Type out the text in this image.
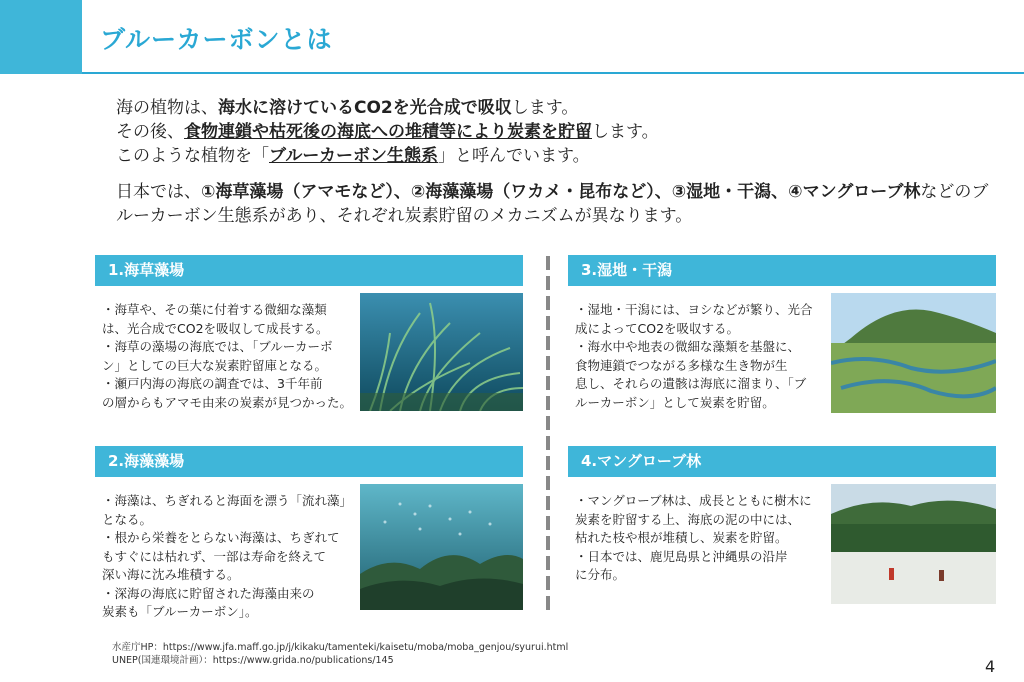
ブルーカーボンとは
海の植物は、海水に溶けているCO2を光合成で吸収します。
その後、食物連鎖や枯死後の海底への堆積等により炭素を貯留します。
このような植物を「ブルーカーボン生態系」と呼んでいます。
日本では、①海草藻場（アマモなど）、②海藻藻場（ワカメ・昆布など）、③湿地・干潟、④マングローブ林などのブルーカーボン生態系があり、それぞれ炭素貯留のメカニズムが異なります。
1.海草藻場
・海草や、その葉に付着する微細な藻類
は、光合成でCO2を吸収して成長する。
・海草の藻場の海底では、「ブルーカーボ
ン」としての巨大な炭素貯留庫となる。
・瀬戸内海の海底の調査では、3千年前
の層からもアマモ由来の炭素が見つかった。
2.海藻藻場
・海藻は、ちぎれると海面を漂う「流れ藻」
となる。
・根から栄養をとらない海藻は、ちぎれて
もすぐには枯れず、一部は寿命を終えて
深い海に沈み堆積する。
・深海の海底に貯留された海藻由来の
炭素も「ブルーカーボン」。
3.湿地・干潟
・湿地・干潟には、ヨシなどが繁り、光合
成によってCO2を吸収する。
・海水中や地表の微細な藻類を基盤に、
食物連鎖でつながる多様な生き物が生
息し、それらの遺骸は海底に溜まり、「ブ
ルーカーボン」として炭素を貯留。
4.マングローブ林
・マングローブ林は、成長とともに樹木に
炭素を貯留する上、海底の泥の中には、
枯れた枝や根が堆積し、炭素を貯留。
・日本では、鹿児島県と沖縄県の沿岸
に分布。
水産庁HP：https://www.jfa.maff.go.jp/j/kikaku/tamenteki/kaisetu/moba/moba_genjou/syurui.html
UNEP(国連環境計画）：https://www.grida.no/publications/145	4
